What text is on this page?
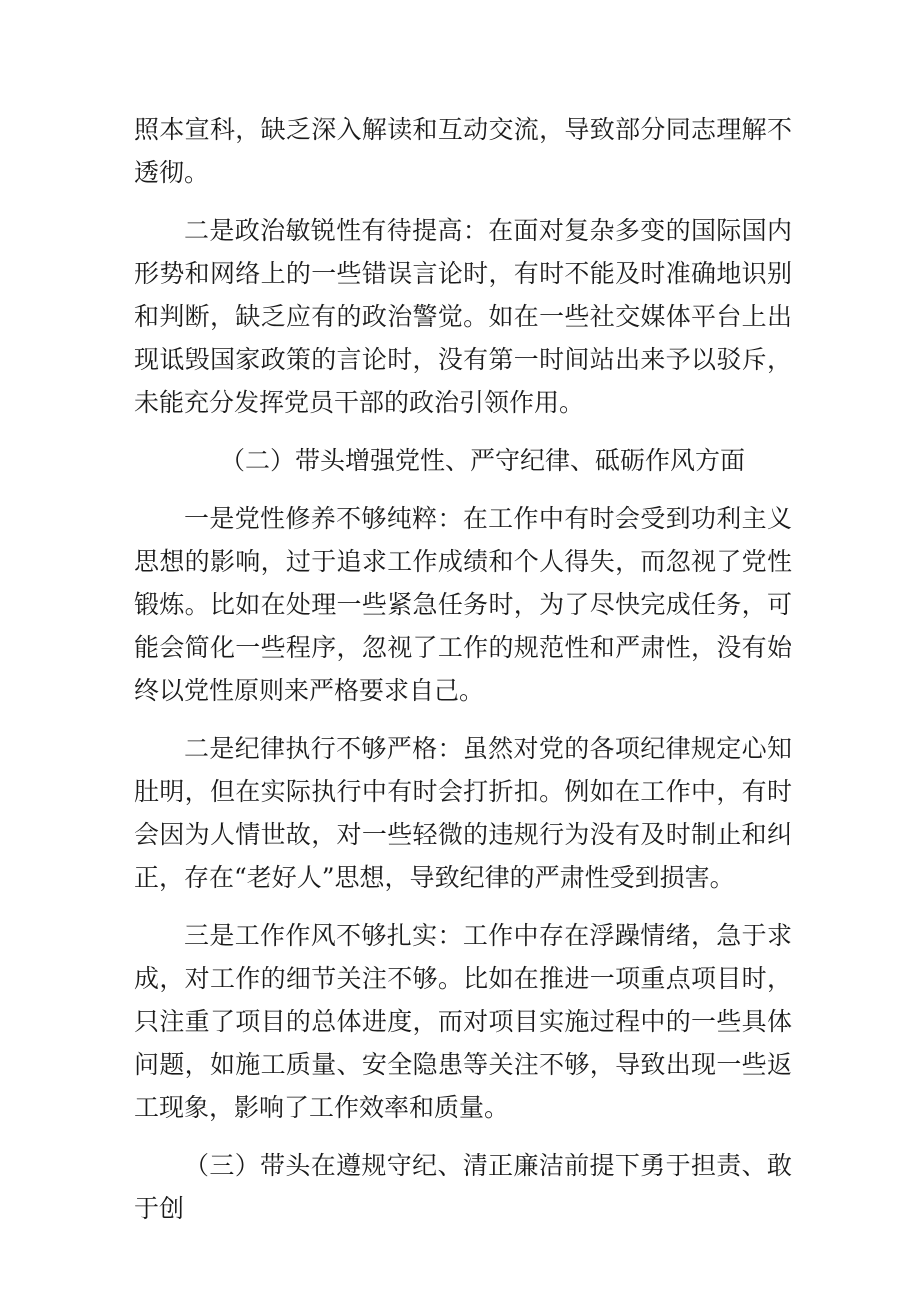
照本宣科，缺乏深入解读和互动交流，导致部分同志理解不透彻。

二是政治敏锐性有待提高：在面对复杂多变的国际国内形势和网络上的一些错误言论时，有时不能及时准确地识别和判断，缺乏应有的政治警觉。如在一些社交媒体平台上出现诋毁国家政策的言论时，没有第一时间站出来予以驳斥，未能充分发挥党员干部的政治引领作用。

（二）带头增强党性、严守纪律、砥砺作风方面

一是党性修养不够纯粹：在工作中有时会受到功利主义思想的影响，过于追求工作成绩和个人得失，而忽视了党性锻炼。比如在处理一些紧急任务时，为了尽快完成任务，可能会简化一些程序，忽视了工作的规范性和严肃性，没有始终以党性原则来严格要求自己。

二是纪律执行不够严格：虽然对党的各项纪律规定心知肚明，但在实际执行中有时会打折扣。例如在工作中，有时会因为人情世故，对一些轻微的违规行为没有及时制止和纠正，存在“老好人”思想，导致纪律的严肃性受到损害。

三是工作作风不够扎实：工作中存在浮躁情绪，急于求成，对工作的细节关注不够。比如在推进一项重点项目时，只注重了项目的总体进度，而对项目实施过程中的一些具体问题，如施工质量、安全隐患等关注不够，导致出现一些返工现象，影响了工作效率和质量。

（三）带头在遵规守纪、清正廉洁前提下勇于担责、敢于创
